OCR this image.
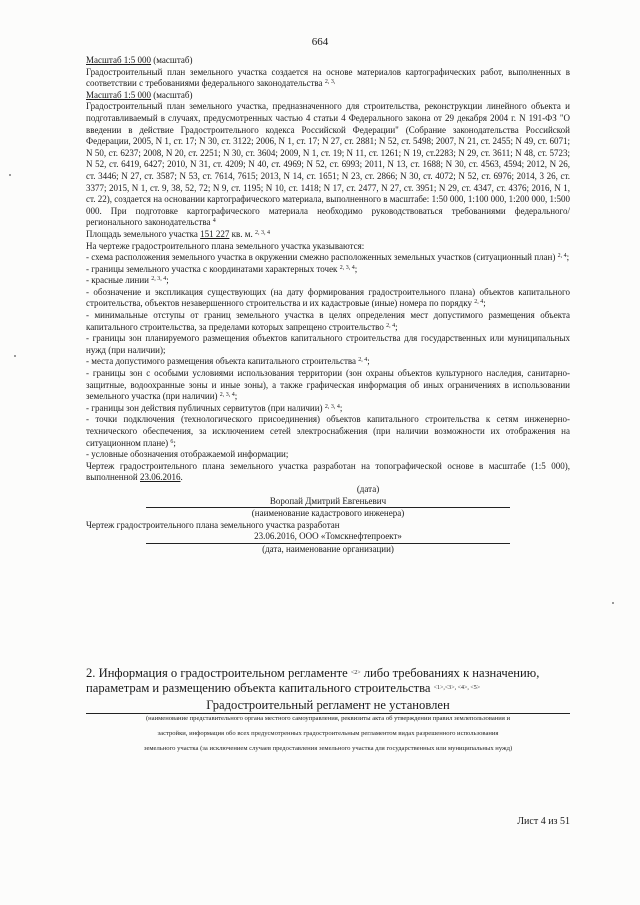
664

Масштаб 1:5 000 (масштаб)

Градостроительный план земельного участка создается на основе материалов картографических работ, выполненных в соответствии с требованиями федерального законодательства $^{2, 3,}$

Масштаб 1:5 000 (масштаб)

Градостроительный план земельного участка, предназначенного для строительства, реконструкции линейного объекта и подготавливаемый в случаях, предусмотренных частью 4 статьи 4 Федерального закона от 29 декабря 2004 г. N 191-ФЗ "О введении в действие Градостроительного кодекса Российской Федерации" (Собрание законодательства Российской Федерации, 2005, N 1, ст. 17; N 30, ст. 3122; 2006, N 1, ст. 17; N 27, ст. 2881; N 52, ст. 5498; 2007, N 21, ст. 2455; N 49, ст. 6071; N 50, ст. 6237; 2008, N 20, ст. 2251; N 30, ст. 3604; 2009, N 1, ст. 19; N 11, ст. 1261; N 19, ст.2283; N 29, ст. 3611; N 48, ст. 5723; N 52, ст. 6419, 6427; 2010, N 31, ст. 4209; N 40, ст. 4969; N 52, ст. 6993; 2011, N 13, ст. 1688; N 30, ст. 4563, 4594; 2012, N 26, ст. 3446; N 27, ст. 3587; N 53, ст. 7614, 7615; 2013, N 14, ст. 1651; N 23, ст. 2866; N 30, ст. 4072; N 52, ст. 6976; 2014, 3 26, ст. 3377; 2015, N 1, ст. 9, 38, 52, 72; N 9, ст. 1195; N 10, ст. 1418; N 17, ст. 2477, N 27, ст. 3951; N 29, ст. 4347, ст. 4376; 2016, N 1, ст. 22), создается на основании картографического материала, выполненного в масштабе: 1:50 000, 1:100 000, 1:200 000, 1:500 000. При подготовке картографического материала необходимо руководствоваться требованиями федерального/регионального законодательства $^4$

Площадь земельного участка 151 227 кв. м. $^{2, 3, 4}$

На чертеже градостроительного плана земельного участка указываются:

- схема расположения земельного участка в окружении смежно расположенных земельных участков (ситуационный план) $^{2, 4}$;

- границы земельного участка с координатами характерных точек $^{2, 3, 4}$;

- красные линии $^{2, 3, 4}$;

- обозначение и экспликация существующих (на дату формирования градостроительного плана) объектов капитального строительства, объектов незавершенного строительства и их кадастровые (иные) номера по порядку $^{2, 4}$;

- минимальные отступы от границ земельного участка в целях определения мест допустимого размещения объекта капитального строительства, за пределами которых запрещено строительство $^{2, 4}$;

- границы зон планируемого размещения объектов капитального строительства для государственных или муниципальных нужд (при наличии);

- места допустимого размещения объекта капитального строительства $^{2, 4}$;

- границы зон с особыми условиями использования территории (зон охраны объектов культурного наследия, санитарно-защитные, водоохранные зоны и иные зоны), а также графическая информация об иных ограничениях в использовании земельного участка (при наличии) $^{2, 3, 4}$;

- границы зон действия публичных сервитутов (при наличии) $^{2, 3, 4}$;

- точки подключения (технологического присоединения) объектов капитального строительства к сетям инженерно-технического обеспечения, за исключением сетей электроснабжения (при наличии возможности их отображения на ситуационном плане) $^6$;

- условные обозначения отображаемой информации;

Чертеж градостроительного плана земельного участка разработан на топографической основе в масштабе (1:5 000), выполненной 23.06.2016.

(дата)

Воропай Дмитрий Евгеньевич

(наименование кадастрового инженера)

Чертеж градостроительного плана земельного участка разработан

23.06.2016, ООО «Томскнефтепроект»

(дата, наименование организации)

2. Информация о градостроительном регламенте $^{<2>}$ либо требованиях к назначению, параметрам и размещению объекта капитального строительства $^{<1>,<3>, <4>, <5>}$
Градостроительный регламент не установлен
(наименование представительного органа местного самоуправления, реквизиты акта об утверждении правил землепользования и
застройки, информация обо всех предусмотренных градостроительным регламентом видах разрешенного использования
земельного участка (за исключением случаев предоставления земельного участка для государственных или муниципальных нужд)
Лист 4 из 51
